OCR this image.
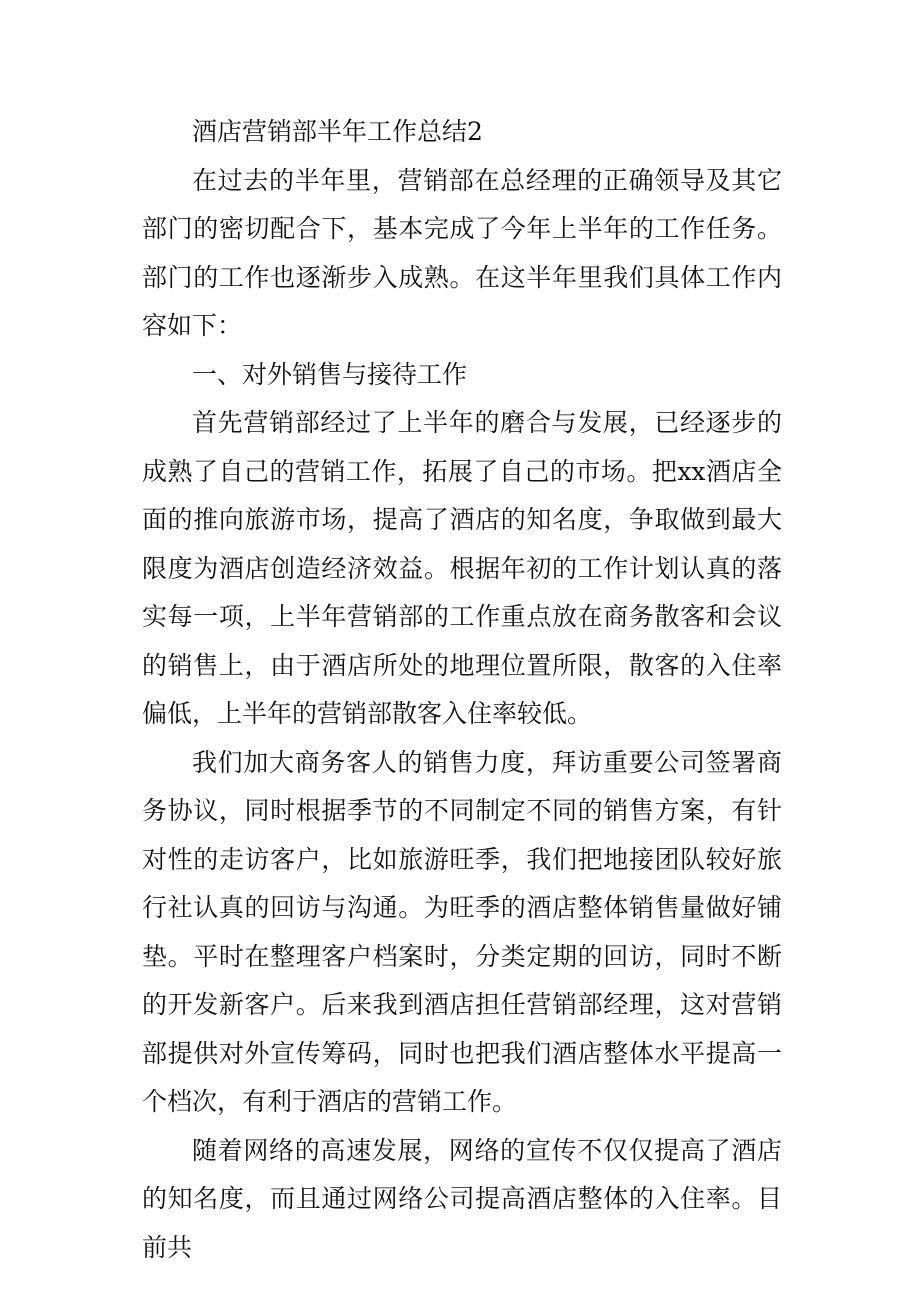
酒店营销部半年工作总结2

在过去的半年里，营销部在总经理的正确领导及其它部门的密切配合下，基本完成了今年上半年的工作任务。部门的工作也逐渐步入成熟。在这半年里我们具体工作内容如下：

一、对外销售与接待工作

首先营销部经过了上半年的磨合与发展，已经逐步的成熟了自己的营销工作，拓展了自己的市场。把xx酒店全面的推向旅游市场，提高了酒店的知名度，争取做到最大限度为酒店创造经济效益。根据年初的工作计划认真的落实每一项，上半年营销部的工作重点放在商务散客和会议的销售上，由于酒店所处的地理位置所限，散客的入住率偏低，上半年的营销部散客入住率较低。

我们加大商务客人的销售力度，拜访重要公司签署商务协议，同时根据季节的不同制定不同的销售方案，有针对性的走访客户，比如旅游旺季，我们把地接团队较好旅行社认真的回访与沟通。为旺季的酒店整体销售量做好铺垫。平时在整理客户档案时，分类定期的回访，同时不断的开发新客户。后来我到酒店担任营销部经理，这对营销部提供对外宣传筹码，同时也把我们酒店整体水平提高一个档次，有利于酒店的营销工作。

随着网络的高速发展，网络的宣传不仅仅提高了酒店的知名度，而且通过网络公司提高酒店整体的入住率。目前共
